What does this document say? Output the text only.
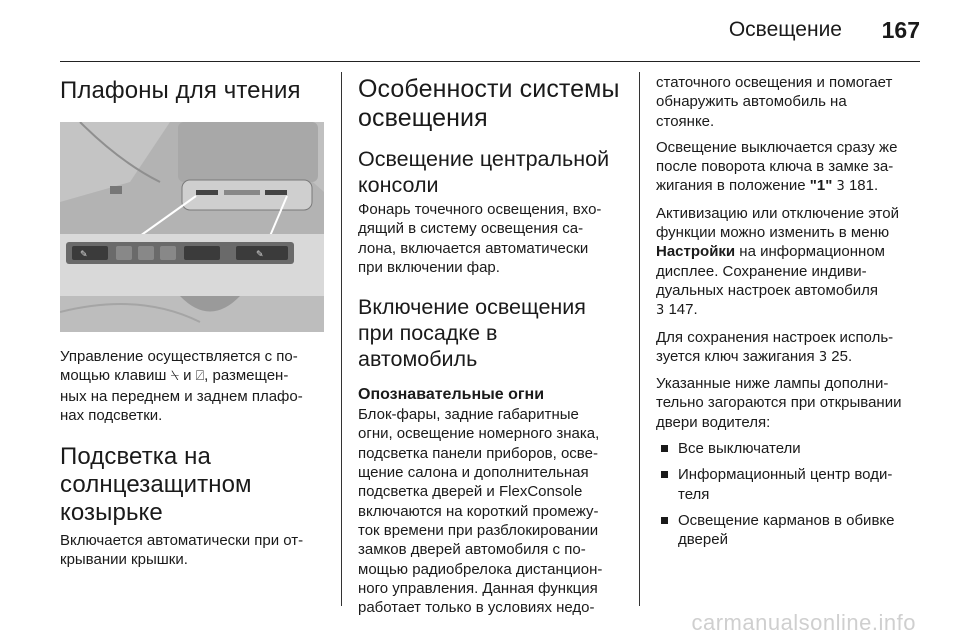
Освещение 167
Плафоны для чтения
✎	✎

Управление осуществляется с по-

мощью клавиш ⍀ и ⍁, размещен-

ных на переднем и заднем плафо-

нах подсветки.

Подсветка на
солнцезащитном
козырьке

Включается автоматически при от-

крывании крышки.

Особенности системы
освещения
Освещение центральной
консоли

Фонарь точечного освещения, вхо-

дящий в систему освещения са-

лона, включается автоматически

при включении фар.

Включение освещения
при посадке в
автомобиль
Опознавательные огни

Блок-фары, задние габаритные

огни, освещение номерного знака,

подсветка панели приборов, осве-

щение салона и дополнительная

подсветка дверей и FlexConsole

включаются на короткий промежу-

ток времени при разблокировании

замков дверей автомобиля с по-

мощью радиобрелока дистанцион-

ного управления. Данная функция

работает только в условиях недо-

статочного освещения и помогает

обнаружить автомобиль на

стоянке.

Освещение выключается сразу же

после поворота ключа в замке за-

жигания в положение "1" 3 181.

Активизацию или отключение этой

функции можно изменить в меню

Настройки на информационном

дисплее. Сохранение индиви-

дуальных настроек автомобиля

3 147.

Для сохранения настроек исполь-

зуется ключ зажигания 3 25.

Указанные ниже лампы дополни-

тельно загораются при открывании

двери водителя:

Все выключатели
Информационный центр води-
теля
Освещение карманов в обивке
дверей
carmanualsonline.info
